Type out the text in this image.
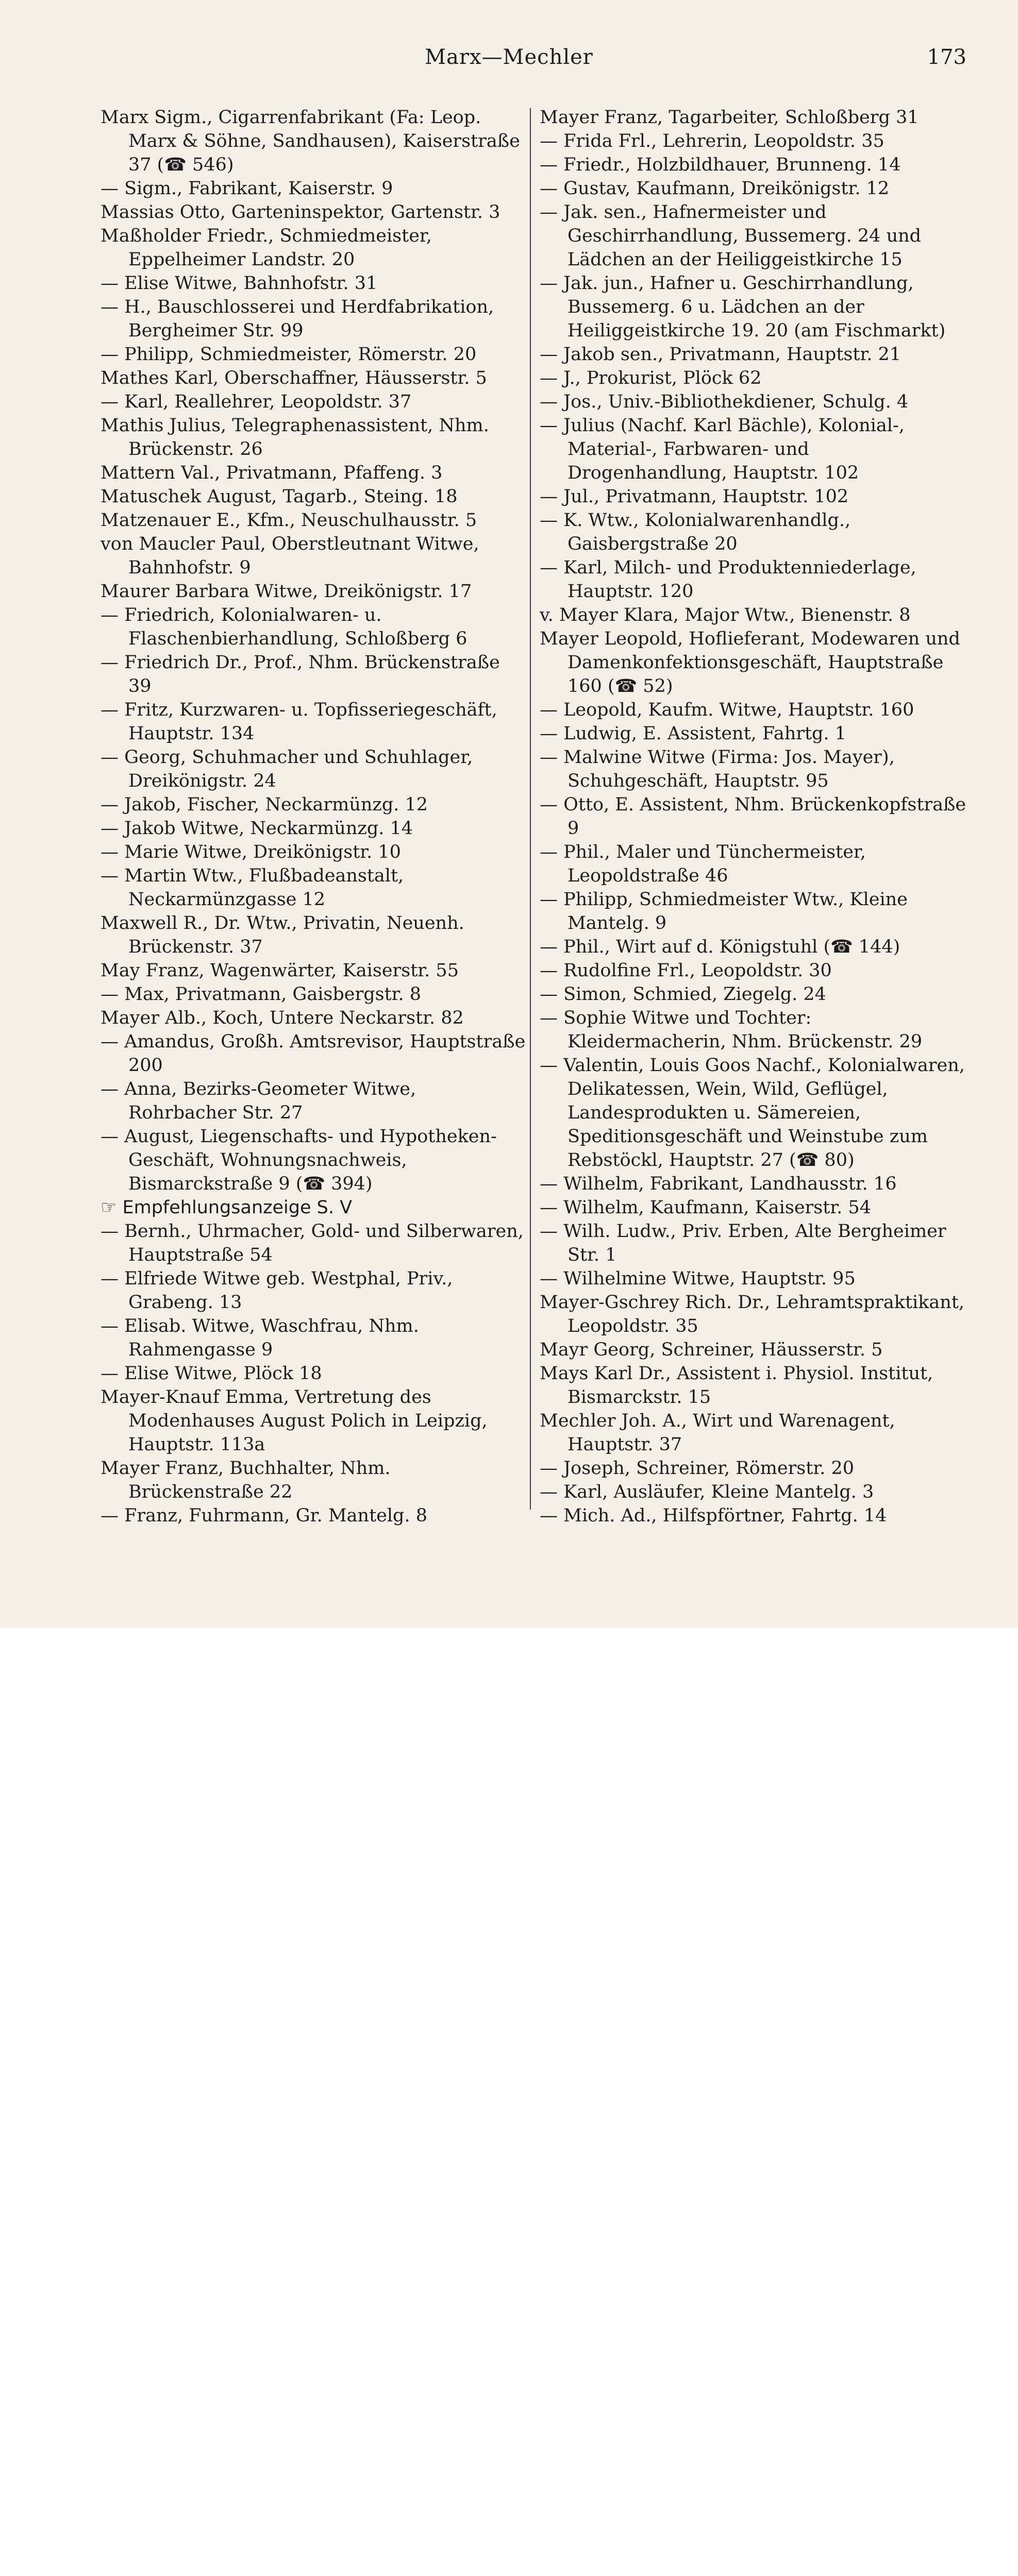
Marx—Mechler	173

Marx Sigm., Cigarrenfabrikant (Fa: Leop. Marx & Söhne, Sandhausen), Kaiserstraße 37 (☎ 546)

— Sigm., Fabrikant, Kaiserstr. 9

Massias Otto, Garteninspektor, Gartenstr. 3

Maßholder Friedr., Schmiedmeister, Eppelheimer Landstr. 20

— Elise Witwe, Bahnhofstr. 31

— H., Bauschlosserei und Herdfabrikation, Bergheimer Str. 99

— Philipp, Schmiedmeister, Römerstr. 20

Mathes Karl, Oberschaffner, Häusserstr. 5

— Karl, Reallehrer, Leopoldstr. 37

Mathis Julius, Telegraphenassistent, Nhm. Brückenstr. 26

Mattern Val., Privatmann, Pfaffeng. 3

Matuschek August, Tagarb., Steing. 18

Matzenauer E., Kfm., Neuschulhausstr. 5

von Maucler Paul, Oberstleutnant Witwe, Bahnhofstr. 9

Maurer Barbara Witwe, Dreikönigstr. 17

— Friedrich, Kolonialwaren- u. Flaschenbierhandlung, Schloßberg 6

— Friedrich Dr., Prof., Nhm. Brückenstraße 39

— Fritz, Kurzwaren- u. Topfisseriegeschäft, Hauptstr. 134

— Georg, Schuhmacher und Schuhlager, Dreikönigstr. 24

— Jakob, Fischer, Neckarmünzg. 12

— Jakob Witwe, Neckarmünzg. 14

— Marie Witwe, Dreikönigstr. 10

— Martin Wtw., Flußbadeanstalt, Neckarmünzgasse 12

Maxwell R., Dr. Wtw., Privatin, Neuenh. Brückenstr. 37

May Franz, Wagenwärter, Kaiserstr. 55

— Max, Privatmann, Gaisbergstr. 8

Mayer Alb., Koch, Untere Neckarstr. 82

— Amandus, Großh. Amtsrevisor, Hauptstraße 200

— Anna, Bezirks-Geometer Witwe, Rohrbacher Str. 27

— August, Liegenschafts- und Hypotheken-Geschäft, Wohnungsnachweis, Bismarckstraße 9 (☎ 394)

☞ Empfehlungsanzeige S. V

— Bernh., Uhrmacher, Gold- und Silberwaren, Hauptstraße 54

— Elfriede Witwe geb. Westphal, Priv., Grabeng. 13

— Elisab. Witwe, Waschfrau, Nhm. Rahmengasse 9

— Elise Witwe, Plöck 18

Mayer-Knauf Emma, Vertretung des Modenhauses August Polich in Leipzig, Hauptstr. 113a

Mayer Franz, Buchhalter, Nhm. Brückenstraße 22

— Franz, Fuhrmann, Gr. Mantelg. 8

Mayer Franz, Tagarbeiter, Schloßberg 31

— Frida Frl., Lehrerin, Leopoldstr. 35

— Friedr., Holzbildhauer, Brunneng. 14

— Gustav, Kaufmann, Dreikönigstr. 12

— Jak. sen., Hafnermeister und Geschirrhandlung, Bussemerg. 24 und Lädchen an der Heiliggeistkirche 15

— Jak. jun., Hafner u. Geschirrhandlung, Bussemerg. 6 u. Lädchen an der Heiliggeistkirche 19. 20 (am Fischmarkt)

— Jakob sen., Privatmann, Hauptstr. 21

— J., Prokurist, Plöck 62

— Jos., Univ.-Bibliothekdiener, Schulg. 4

— Julius (Nachf. Karl Bächle), Kolonial-, Material-, Farbwaren- und Drogenhandlung, Hauptstr. 102

— Jul., Privatmann, Hauptstr. 102

— K. Wtw., Kolonialwarenhandlg., Gaisbergstraße 20

— Karl, Milch- und Produktenniederlage, Hauptstr. 120

v. Mayer Klara, Major Wtw., Bienenstr. 8

Mayer Leopold, Hoflieferant, Modewaren und Damenkonfektionsgeschäft, Hauptstraße 160 (☎ 52)

— Leopold, Kaufm. Witwe, Hauptstr. 160

— Ludwig, E. Assistent, Fahrtg. 1

— Malwine Witwe (Firma: Jos. Mayer), Schuhgeschäft, Hauptstr. 95

— Otto, E. Assistent, Nhm. Brückenkopfstraße 9

— Phil., Maler und Tünchermeister, Leopoldstraße 46

— Philipp, Schmiedmeister Wtw., Kleine Mantelg. 9

— Phil., Wirt auf d. Königstuhl (☎ 144)

— Rudolfine Frl., Leopoldstr. 30

— Simon, Schmied, Ziegelg. 24

— Sophie Witwe und Tochter: Kleidermacherin, Nhm. Brückenstr. 29

— Valentin, Louis Goos Nachf., Kolonialwaren, Delikatessen, Wein, Wild, Geflügel, Landesprodukten u. Sämereien, Speditionsgeschäft und Weinstube zum Rebstöckl, Hauptstr. 27 (☎ 80)

— Wilhelm, Fabrikant, Landhausstr. 16

— Wilhelm, Kaufmann, Kaiserstr. 54

— Wilh. Ludw., Priv. Erben, Alte Bergheimer Str. 1

— Wilhelmine Witwe, Hauptstr. 95

Mayer-Gschrey Rich. Dr., Lehramtspraktikant, Leopoldstr. 35

Mayr Georg, Schreiner, Häusserstr. 5

Mays Karl Dr., Assistent i. Physiol. Institut, Bismarckstr. 15

Mechler Joh. A., Wirt und Warenagent, Hauptstr. 37

— Joseph, Schreiner, Römerstr. 20

— Karl, Ausläufer, Kleine Mantelg. 3

— Mich. Ad., Hilfspförtner, Fahrtg. 14
